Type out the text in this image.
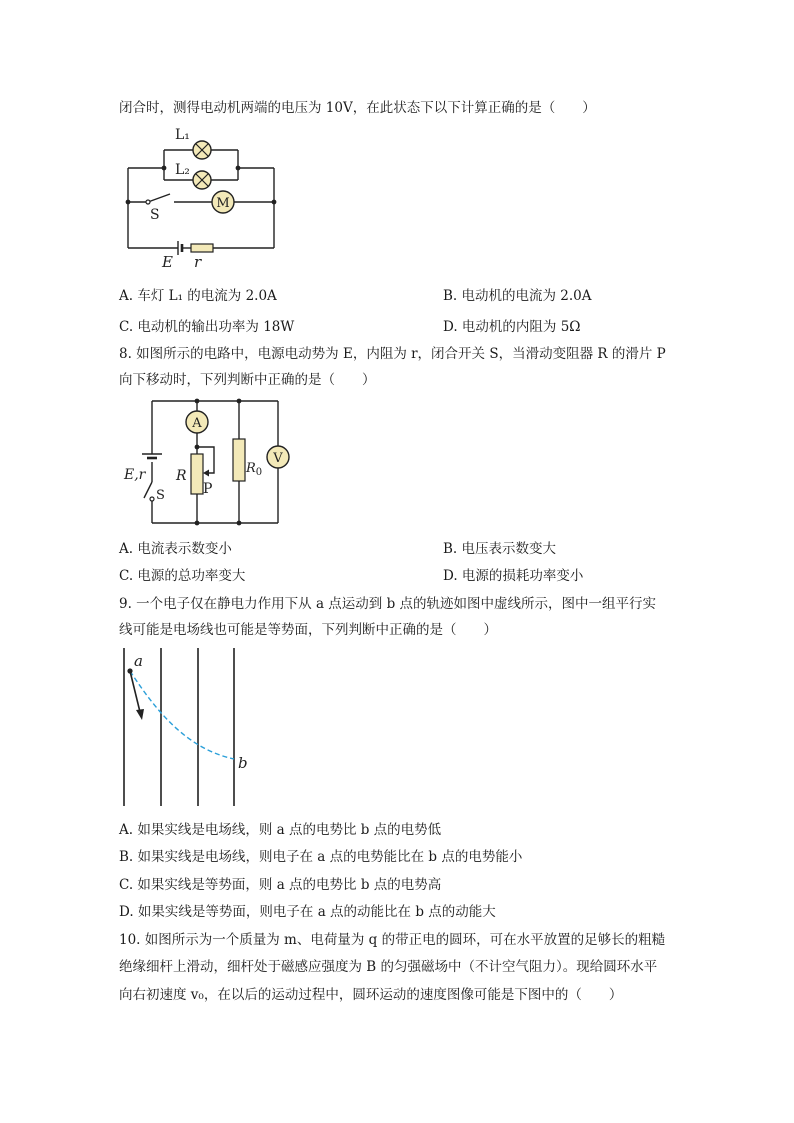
闭合时，测得电动机两端的电压为 10V，在此状态下以下计算正确的是（　　）
M
L₁
L₂
S
E r
A. 车灯 L₁ 的电流为 2.0A	B. 电动机的电流为 2.0A
C. 电动机的输出功率为 18W	D. 电动机的内阻为 5Ω
8. 如图所示的电路中，电源电动势为 E，内阻为 r，闭合开关 S，当滑动变阻器 R 的滑片 P
向下移动时，下列判断中正确的是（　　）
A
V
E,r
S
R
P
$R_0$
A. 电流表示数变小	B. 电压表示数变大
C. 电源的总功率变大	D. 电源的损耗功率变小
9. 一个电子仅在静电力作用下从 a 点运动到 b 点的轨迹如图中虚线所示，图中一组平行实
线可能是电场线也可能是等势面，下列判断中正确的是（　　）
a
b
A. 如果实线是电场线，则 a 点的电势比 b 点的电势低
B. 如果实线是电场线，则电子在 a 点的电势能比在 b 点的电势能小
C. 如果实线是等势面，则 a 点的电势比 b 点的电势高
D. 如果实线是等势面，则电子在 a 点的动能比在 b 点的动能大
10. 如图所示为一个质量为 m、电荷量为 q 的带正电的圆环，可在水平放置的足够长的粗糙
绝缘细杆上滑动，细杆处于磁感应强度为 B 的匀强磁场中（不计空气阻力）。现给圆环水平
向右初速度 v₀，在以后的运动过程中，圆环运动的速度图像可能是下图中的（　　）
